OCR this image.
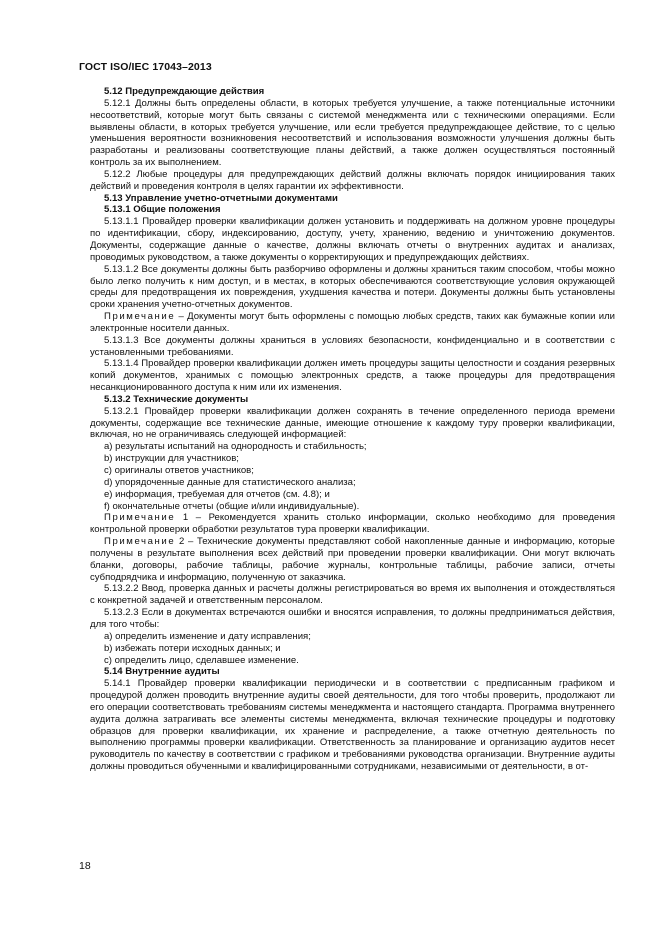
ГОСТ ISO/IEC 17043–2013

5.12 Предупреждающие действия

5.12.1 Должны быть определены области, в которых требуется улучшение, а также потенциальные источники несоответствий, которые могут быть связаны с системой менеджмента или с техническими операциями. Если выявлены области, в которых требуется улучшение, или если требуется предупреждающее действие, то с целью уменьшения вероятности возникновения несоответствий и использования возможности улучшения должны быть разработаны и реализованы соответствующие планы действий, а также должен осуществляться постоянный контроль за их выполнением.

5.12.2 Любые процедуры для предупреждающих действий должны включать порядок инициирования таких действий и проведения контроля в целях гарантии их эффективности.

5.13 Управление учетно-отчетными документами

5.13.1 Общие положения

5.13.1.1 Провайдер проверки квалификации должен установить и поддерживать на должном уровне процедуры по идентификации, сбору, индексированию, доступу, учету, хранению, ведению и уничтожению документов. Документы, содержащие данные о качестве, должны включать отчеты о внутренних аудитах и анализах, проводимых руководством, а также документы о корректирующих и предупреждающих действиях.

5.13.1.2 Все документы должны быть разборчиво оформлены и должны храниться таким способом, чтобы можно было легко получить к ним доступ, и в местах, в которых обеспечиваются соответствующие условия окружающей среды для предотвращения их повреждения, ухудшения качества и потери. Документы должны быть установлены сроки хранения учетно-отчетных документов.

Примечание – Документы могут быть оформлены с помощью любых средств, таких как бумажные копии или электронные носители данных.

5.13.1.3 Все документы должны храниться в условиях безопасности, конфиденциально и в соответствии с установленными требованиями.

5.13.1.4 Провайдер проверки квалификации должен иметь процедуры защиты целостности и создания резервных копий документов, хранимых с помощью электронных средств, а также процедуры для предотвращения несанкционированного доступа к ним или их изменения.

5.13.2 Технические документы

5.13.2.1 Провайдер проверки квалификации должен сохранять в течение определенного периода времени документы, содержащие все технические данные, имеющие отношение к каждому туру проверки квалификации, включая, но не ограничиваясь следующей информацией:

a) результаты испытаний на однородность и стабильность;

b) инструкции для участников;

c) оригиналы ответов участников;

d) упорядоченные данные для статистического анализа;

e) информация, требуемая для отчетов (см. 4.8); и

f) окончательные отчеты (общие и/или индивидуальные).

Примечание 1 – Рекомендуется хранить столько информации, сколько необходимо для проведения контрольной проверки обработки результатов тура проверки квалификации.

Примечание 2 – Технические документы представляют собой накопленные данные и информацию, которые получены в результате выполнения всех действий при проведении проверки квалификации. Они могут включать бланки, договоры, рабочие таблицы, рабочие журналы, контрольные таблицы, рабочие записи, отчеты субподрядчика и информацию, полученную от заказчика.

5.13.2.2 Ввод, проверка данных и расчеты должны регистрироваться во время их выполнения и отождествляться с конкретной задачей и ответственным персоналом.

5.13.2.3 Если в документах встречаются ошибки и вносятся исправления, то должны предприниматься действия, для того чтобы:

a) определить изменение и дату исправления;

b) избежать потери исходных данных; и

c) определить лицо, сделавшее изменение.

5.14 Внутренние аудиты

5.14.1 Провайдер проверки квалификации периодически и в соответствии с предписанным графиком и процедурой должен проводить внутренние аудиты своей деятельности, для того чтобы проверить, продолжают ли его операции соответствовать требованиям системы менеджмента и настоящего стандарта. Программа внутреннего аудита должна затрагивать все элементы системы менеджмента, включая технические процедуры и подготовку образцов для проверки квалификации, их хранение и распределение, а также отчетную деятельность по выполнению программы проверки квалификации. Ответственность за планирование и организацию аудитов несет руководитель по качеству в соответствии с графиком и требованиями руководства организации. Внутренние аудиты должны проводиться обученными и квалифицированными сотрудниками, независимыми от деятельности, в от-

18
